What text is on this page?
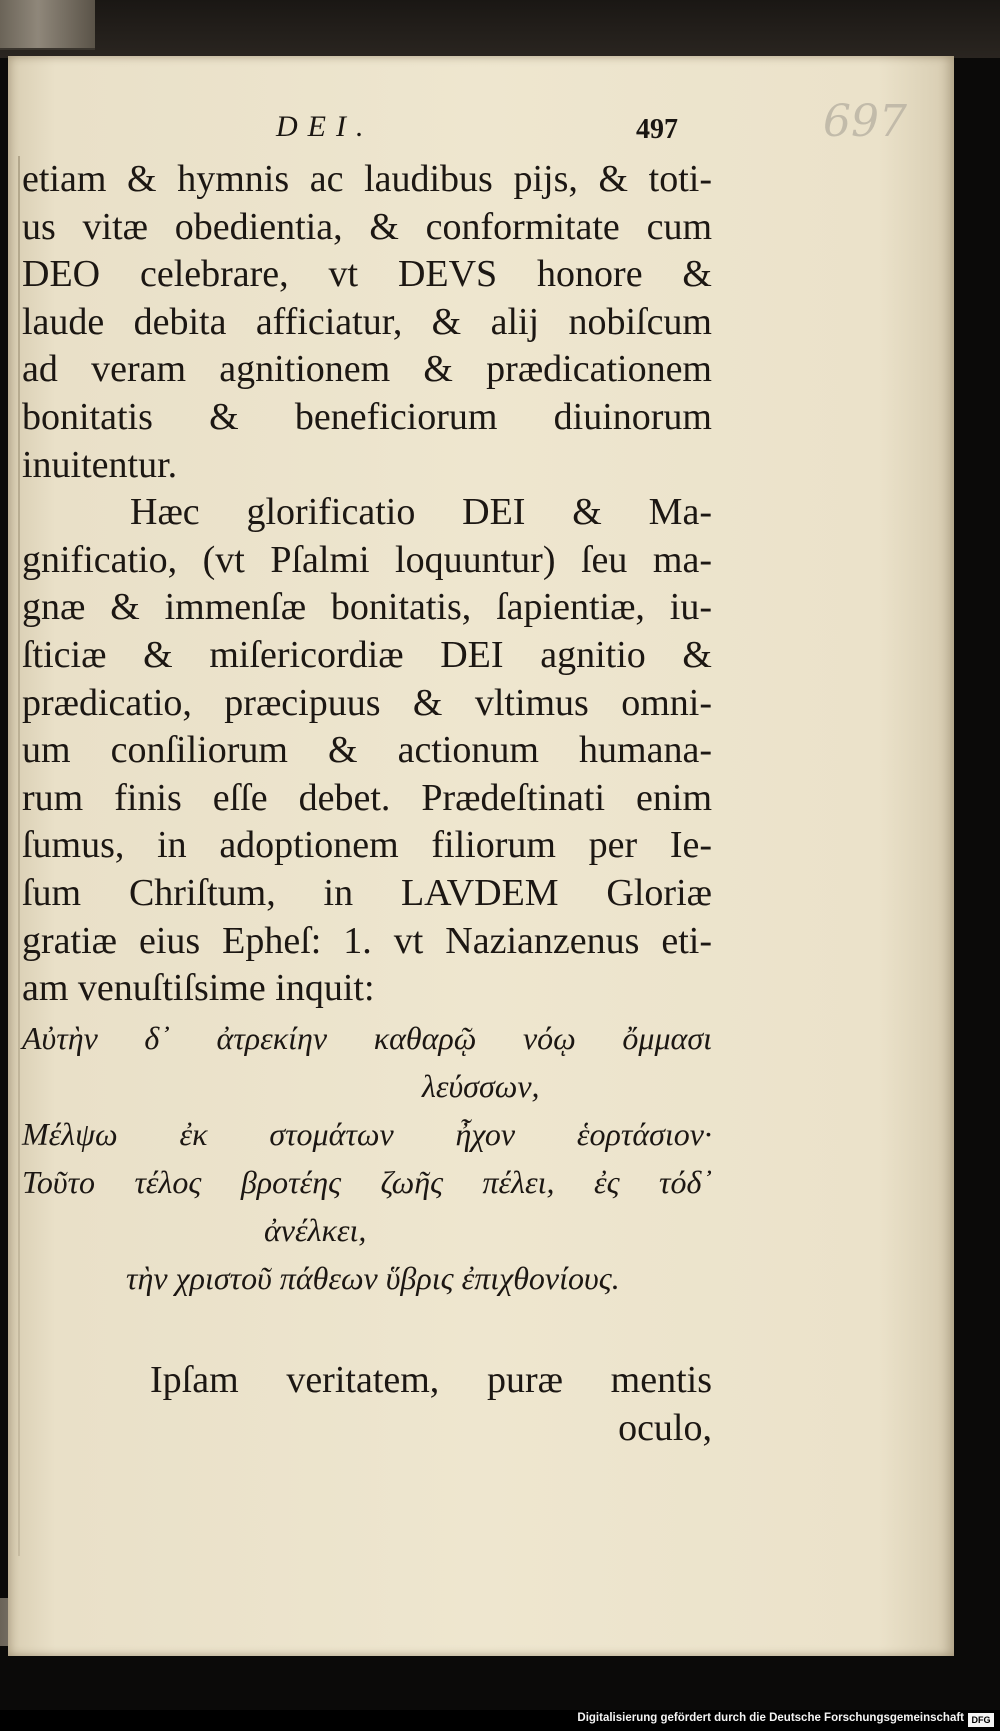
697
DEI.	497
etiam & hymnis ac laudibus pijs, & toti-
us vitæ obedientia, & conformitate cum
DEO celebrare, vt DEVS honore &
laude debita afficiatur, & alij nobiſcum
ad veram agnitionem & prædicationem
bonitatis & beneficiorum diuinorum
inuitentur.
Hæc glorificatio DEI & Ma-
gnificatio, (vt Pſalmi loquuntur) ſeu ma-
gnæ & immenſæ bonitatis, ſapientiæ, iu-
ſticiæ & miſericordiæ DEI agnitio &
prædicatio, præcipuus & vltimus omni-
um conſiliorum & actionum humana-
rum finis eſſe debet. Prædeſtinati enim
ſumus, in adoptionem filiorum per Ie-
ſum Chriſtum, in LAVDEM Gloriæ
gratiæ eius Epheſ: 1. vt Nazianzenus eti-
am venuſtiſsime inquit:
Αὐτὴν δ᾽ ἀτρεκίην καθαρῷ νόῳ ὄμμασι
λεύσσων,
Μέλψω ἐκ στομάτων ἦχον ἑορτάσιον·
Τοῦτο τέλος βροτέης ζωῆς πέλει, ἐς τόδ᾽
ἀνέλκει,
τὴν χριστοῦ πάθεων ὕβρις ἐπιχθονίους.
Ipſam veritatem, puræ mentis
oculo,
Digitalisierung gefördert durch die Deutsche Forschungsgemeinschaft DFG
